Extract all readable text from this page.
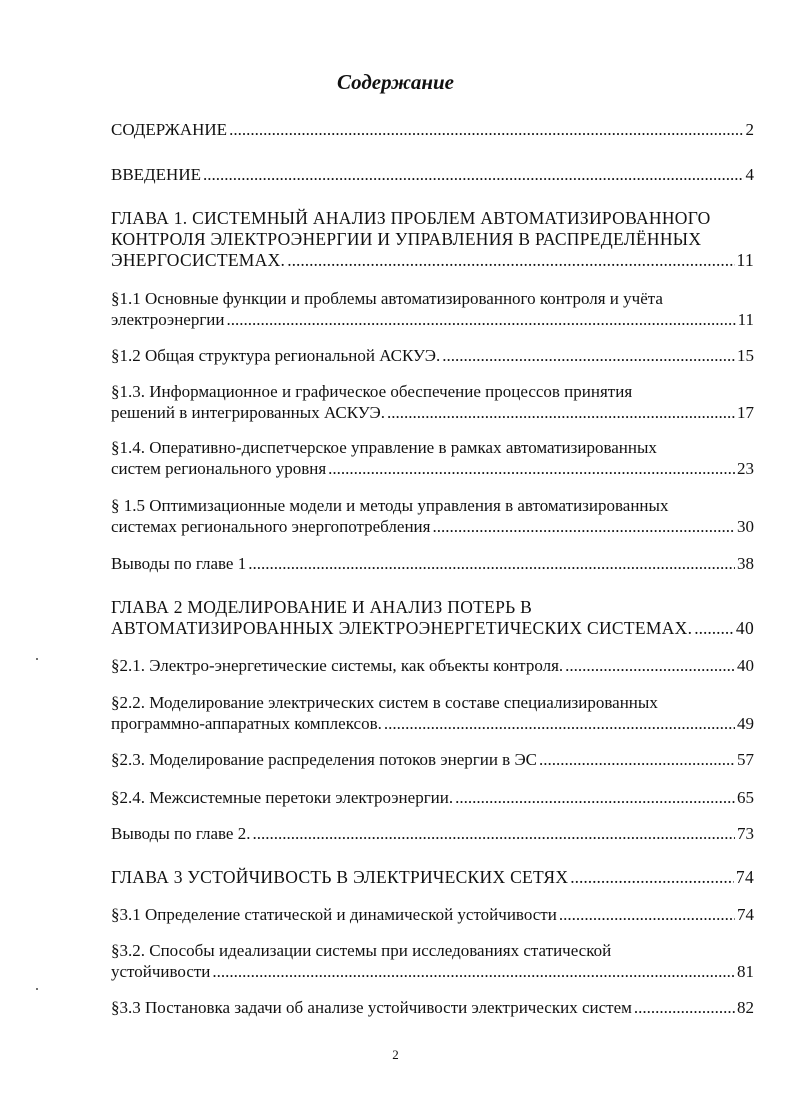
Содержание
СОДЕРЖАНИЕ .....	2
ВВЕДЕНИЕ .....	4
ГЛАВА 1. СИСТЕМНЫЙ АНАЛИЗ ПРОБЛЕМ АВТОМАТИЗИРОВАННОГО
КОНТРОЛЯ ЭЛЕКТРОЭНЕРГИИ И УПРАВЛЕНИЯ В РАСПРЕДЕЛЁННЫХ
ЭНЕРГОСИСТЕМАХ. .....	11
§1.1 Основные функции и проблемы автоматизированного контроля и учёта
электроэнергии .....	11
§1.2 Общая структура региональной АСКУЭ. .....	15
§1.3. Информационное и графическое обеспечение процессов принятия
решений в интегрированных АСКУЭ. .....	17
§1.4. Оперативно-диспетчерское управление в рамках автоматизированных
систем регионального уровня .....	23
§ 1.5 Оптимизационные модели и методы управления в автоматизированных
системах регионального энергопотребления .....	30
Выводы по главе 1 .....	38
ГЛАВА 2 МОДЕЛИРОВАНИЕ И АНАЛИЗ ПОТЕРЬ В
АВТОМАТИЗИРОВАННЫХ ЭЛЕКТРОЭНЕРГЕТИЧЕСКИХ СИСТЕМАХ. ..... 40
§2.1. Электро-энергетические системы, как объекты контроля. .....	40
§2.2. Моделирование электрических систем в составе специализированных
программно-аппаратных комплексов. .....	49
§2.3. Моделирование распределения потоков энергии в ЭС .....	57
§2.4. Межсистемные перетоки электроэнергии. .....	65
Выводы по главе 2. .....	73
ГЛАВА 3 УСТОЙЧИВОСТЬ В ЭЛЕКТРИЧЕСКИХ СЕТЯХ .....	74
§3.1 Определение статической и динамической устойчивости .....	74
§3.2. Способы идеализации системы при исследованиях статической
устойчивости .....	81
§3.3 Постановка задачи об анализе устойчивости электрических систем .....	82
2
